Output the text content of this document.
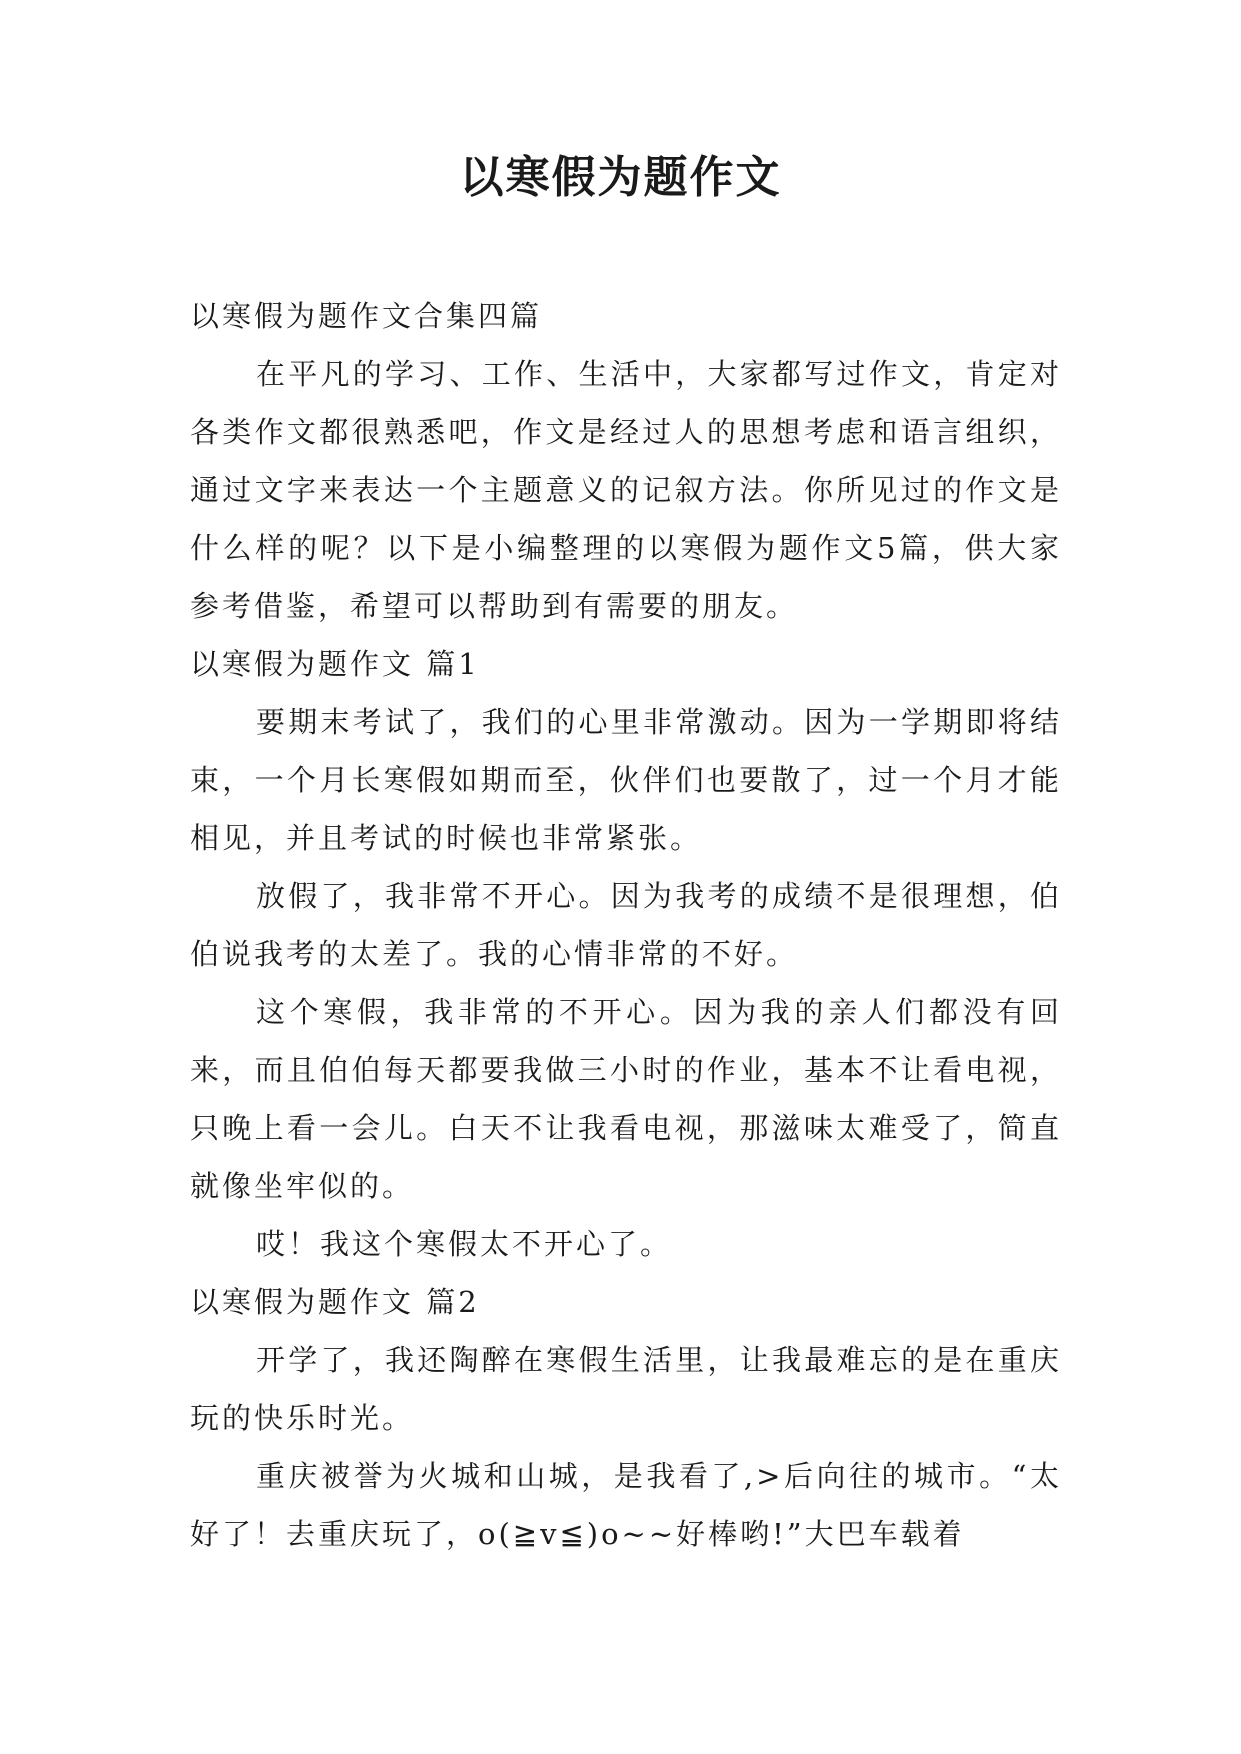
以寒假为题作文

以寒假为题作文合集四篇

在平凡的学习、工作、生活中，大家都写过作文，肯定对各类作文都很熟悉吧，作文是经过人的思想考虑和语言组织，通过文字来表达一个主题意义的记叙方法。你所见过的作文是什么样的呢？以下是小编整理的以寒假为题作文5篇，供大家参考借鉴，希望可以帮助到有需要的朋友。

以寒假为题作文 篇1

要期末考试了，我们的心里非常激动。因为一学期即将结束，一个月长寒假如期而至，伙伴们也要散了，过一个月才能相见，并且考试的时候也非常紧张。

放假了，我非常不开心。因为我考的成绩不是很理想，伯伯说我考的太差了。我的心情非常的不好。

这个寒假，我非常的不开心。因为我的亲人们都没有回来，而且伯伯每天都要我做三小时的作业，基本不让看电视，只晚上看一会儿。白天不让我看电视，那滋味太难受了，简直就像坐牢似的。

哎！我这个寒假太不开心了。

以寒假为题作文 篇2

开学了，我还陶醉在寒假生活里，让我最难忘的是在重庆玩的快乐时光。

重庆被誉为火城和山城，是我看了,>后向往的城市。“太好了！去重庆玩了，o(≧v≦)o~~好棒哟!”大巴车载着
